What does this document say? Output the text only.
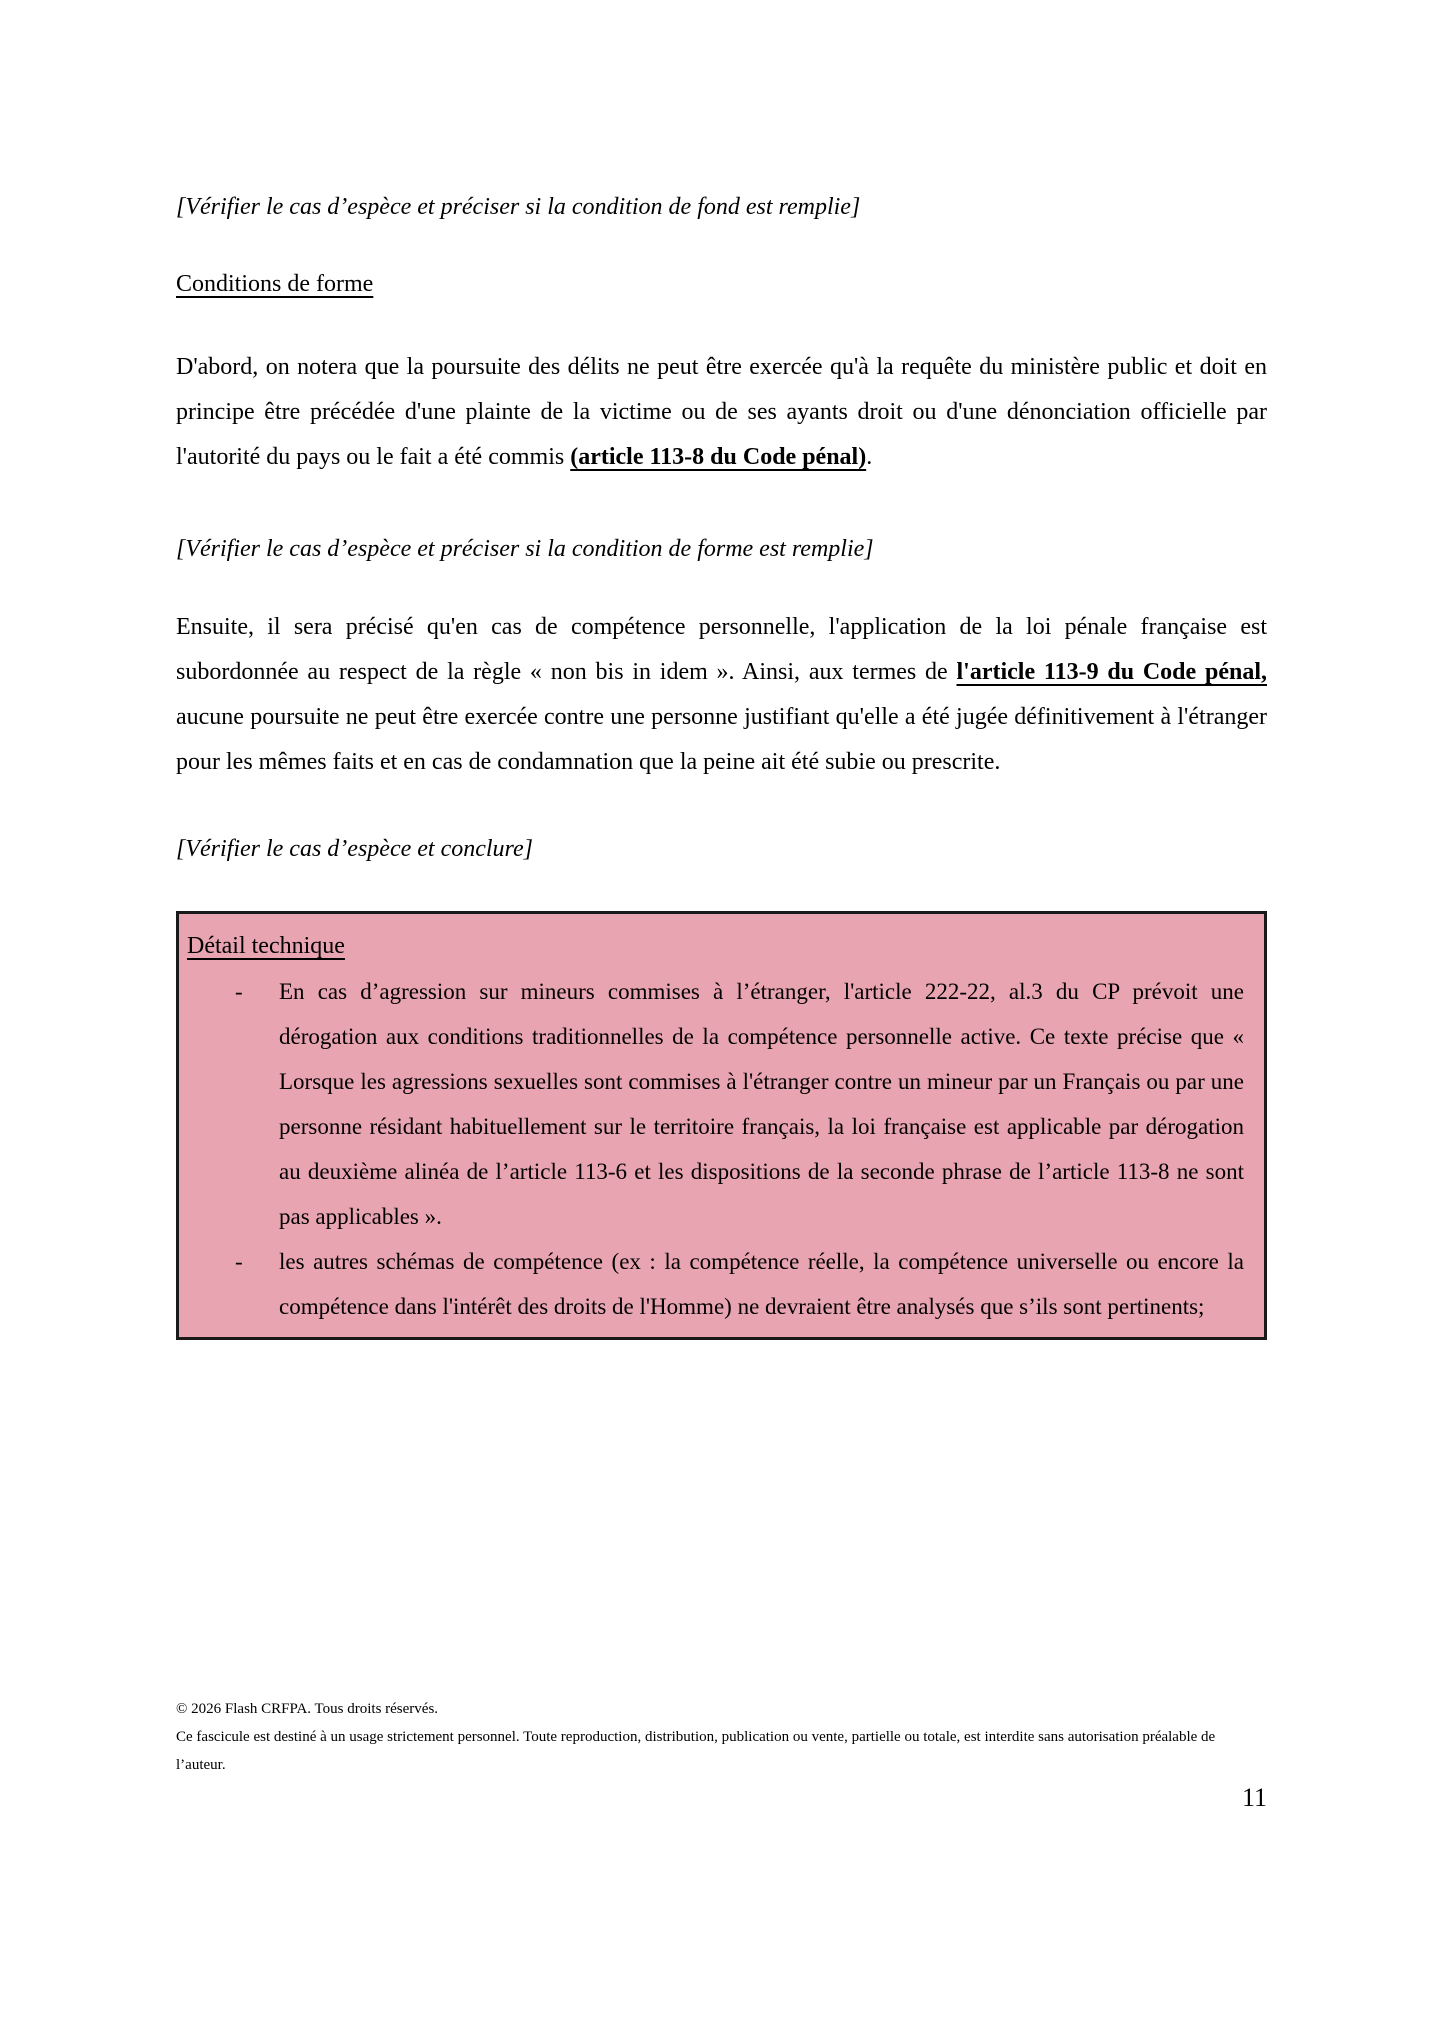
[Vérifier le cas d’espèce et préciser si la condition de fond est remplie]

Conditions de forme

D'abord, on notera que la poursuite des délits ne peut être exercée qu'à la requête du ministère public et doit en principe être précédée d'une plainte de la victime ou de ses ayants droit ou d'une dénonciation officielle par l'autorité du pays ou le fait a été commis (article 113-8 du Code pénal).

[Vérifier le cas d’espèce et préciser si la condition de forme est remplie]

Ensuite, il sera précisé qu'en cas de compétence personnelle, l'application de la loi pénale française est subordonnée au respect de la règle « non bis in idem ». Ainsi, aux termes de l'article 113-9 du Code pénal, aucune poursuite ne peut être exercée contre une personne justifiant qu'elle a été jugée définitivement à l'étranger pour les mêmes faits et en cas de condamnation que la peine ait été subie ou prescrite.

[Vérifier le cas d’espèce et conclure]

Détail technique
- En cas d’agression sur mineurs commises à l’étranger, l'article 222-22, al.3 du CP prévoit une dérogation aux conditions traditionnelles de la compétence personnelle active. Ce texte précise que « Lorsque les agressions sexuelles sont commises à l'étranger contre un mineur par un Français ou par une personne résidant habituellement sur le territoire français, la loi française est applicable par dérogation au deuxième alinéa de l’article 113-6 et les dispositions de la seconde phrase de l’article 113-8 ne sont pas applicables ».
- les autres schémas de compétence (ex : la compétence réelle, la compétence universelle ou encore la compétence dans l'intérêt des droits de l'Homme) ne devraient être analysés que s’ils sont pertinents;

© 2026 Flash CRFPA. Tous droits réservés.

Ce fascicule est destiné à un usage strictement personnel. Toute reproduction, distribution, publication ou vente, partielle ou totale, est interdite sans autorisation préalable de l’auteur.

11
